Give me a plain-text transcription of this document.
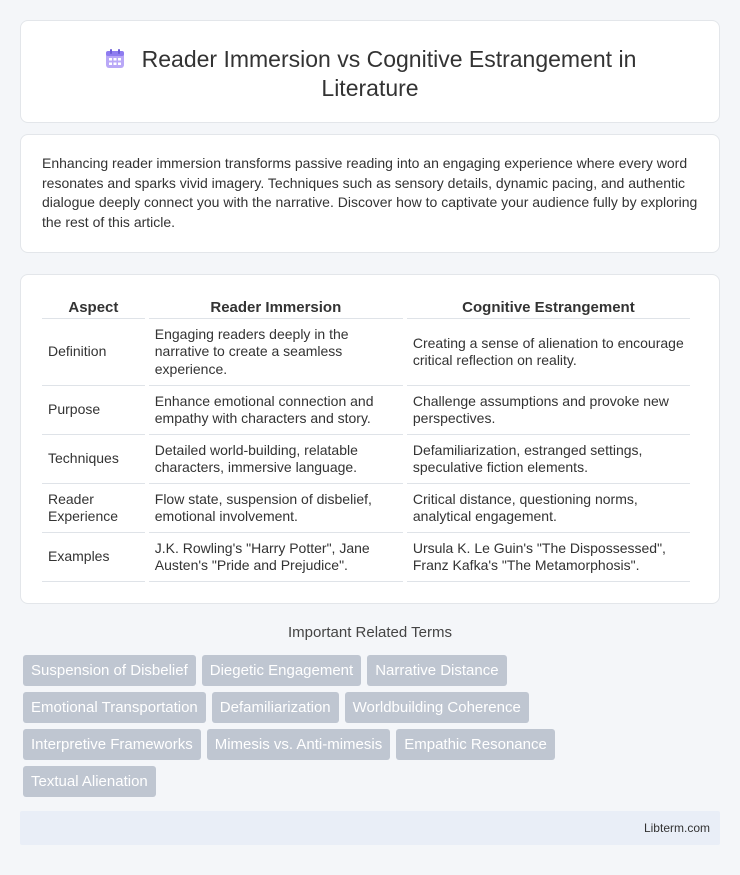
Reader Immersion vs Cognitive Estrangement in
Literature

Enhancing reader immersion transforms passive reading into an engaging experience where every word resonates and sparks vivid imagery. Techniques such as sensory details, dynamic pacing, and authentic dialogue deeply connect you with the narrative. Discover how to captivate your audience fully by exploring the rest of this article.

Aspect	Reader Immersion	Cognitive Estrangement
Definition	Engaging readers deeply in the narrative to create a seamless experience.	Creating a sense of alienation to encourage critical reflection on reality.
Purpose	Enhance emotional connection and empathy with characters and story.	Challenge assumptions and provoke new perspectives.
Techniques	Detailed world-building, relatable characters, immersive language.	Defamiliarization, estranged settings, speculative fiction elements.
Reader Experience	Flow state, suspension of disbelief, emotional involvement.	Critical distance, questioning norms, analytical engagement.
Examples	J.K. Rowling's "Harry Potter", Jane Austen's "Pride and Prejudice".	Ursula K. Le Guin's "The Dispossessed", Franz Kafka's "The Metamorphosis".
Important Related Terms
Suspension of Disbelief	Diegetic Engagement	Narrative Distance
Emotional Transportation	Defamiliarization	Worldbuilding Coherence
Interpretive Frameworks	Mimesis vs. Anti-mimesis	Empathic Resonance
Textual Alienation
Libterm.com
